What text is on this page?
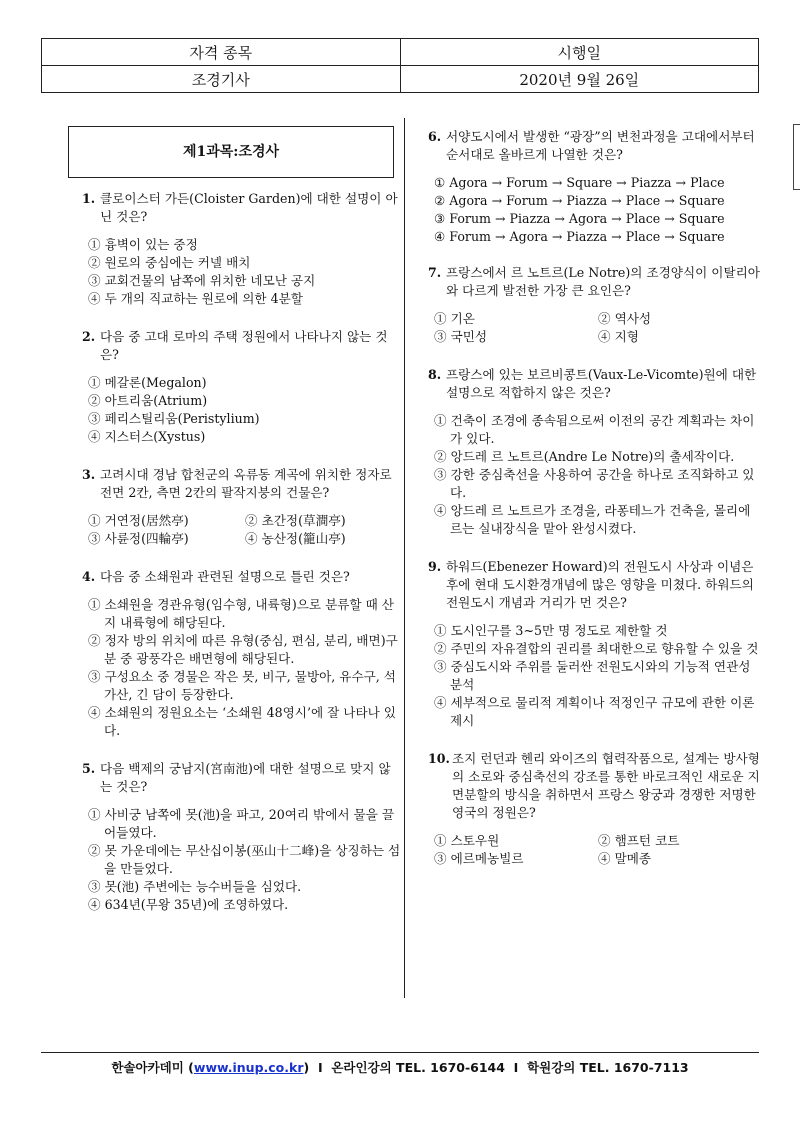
자격 종목	시행일
조경기사	2020년 9월 26일
제1과목:조경사
1. 클로이스터 가든(Cloister Garden)에 대한 설명이 아닌 것은?
① 흉벽이 있는 중정
② 원로의 중심에는 커넬 배치
③ 교회건물의 남쪽에 위치한 네모난 공지
④ 두 개의 직교하는 원로에 의한 4분할
2. 다음 중 고대 로마의 주택 정원에서 나타나지 않는 것은?
① 메갈론(Megalon)
② 아트리움(Atrium)
③ 페리스틸리움(Peristylium)
④ 지스터스(Xystus)
3. 고려시대 경남 합천군의 옥류동 계곡에 위치한 정자로 전면 2칸, 측면 2칸의 팔작지붕의 건물은?
① 거연정(居然亭)	② 초간정(草澗亭)
③ 사륜정(四輪亭)	④ 농산정(籠山亭)
4. 다음 중 소쇄원과 관련된 설명으로 틀린 것은?
① 소쇄원을 경관유형(임수형, 내륙형)으로 분류할 때 산지 내륙형에 해당된다.
② 정자 방의 위치에 따른 유형(중심, 편심, 분리, 배면)구분 중 광풍각은 배면형에 해당된다.
③ 구성요소 중 경물은 작은 못, 비구, 물방아, 유수구, 석가산, 긴 담이 등장한다.
④ 소쇄원의 정원요소는 ‘소쇄원 48영시’에 잘 나타나 있다.
5. 다음 백제의 궁남지(宮南池)에 대한 설명으로 맞지 않는 것은?
① 사비궁 남쪽에 못(池)을 파고, 20여리 밖에서 물을 끌어들였다.
② 못 가운데에는 무산십이봉(巫山十二峰)을 상징하는 섬을 만들었다.
③ 못(池) 주변에는 능수버들을 심었다.
④ 634년(무왕 35년)에 조영하였다.
6. 서양도시에서 발생한 “광장”의 변천과정을 고대에서부터 순서대로 올바르게 나열한 것은?
① Agora → Forum → Square → Piazza → Place
② Agora → Forum → Piazza → Place → Square
③ Forum → Piazza → Agora → Place → Square
④ Forum → Agora → Piazza → Place → Square
7. 프랑스에서 르 노트르(Le Notre)의 조경양식이 이탈리아와 다르게 발전한 가장 큰 요인은?
① 기온	② 역사성
③ 국민성	④ 지형
8. 프랑스에 있는 보르비콩트(Vaux-Le-Vicomte)원에 대한 설명으로 적합하지 않은 것은?
① 건축이 조경에 종속됨으로써 이전의 공간 계획과는 차이가 있다.
② 앙드레 르 노트르(Andre Le Notre)의 출세작이다.
③ 강한 중심축선을 사용하여 공간을 하나로 조직화하고 있다.
④ 앙드레 르 노트르가 조경을, 라퐁테느가 건축을, 몰리에르는 실내장식을 맡아 완성시켰다.
9. 하워드(Ebenezer Howard)의 전원도시 사상과 이념은 후에 현대 도시환경개념에 많은 영향을 미쳤다. 하워드의 전원도시 개념과 거리가 먼 것은?
① 도시인구를 3~5만 명 정도로 제한할 것
② 주민의 자유결합의 권리를 최대한으로 향유할 수 있을 것
③ 중심도시와 주위를 둘러싼 전원도시와의 기능적 연관성 분석
④ 세부적으로 물리적 계획이나 적정인구 규모에 관한 이론 제시
10. 조지 런던과 헨리 와이즈의 협력작품으로, 설계는 방사형의 소로와 중심축선의 강조를 통한 바로크적인 새로운 지면분할의 방식을 취하면서 프랑스 왕궁과 경쟁한 저명한 영국의 정원은?
① 스토우원	② 햄프턴 코트
③ 에르메농빌르	④ 말메종
한솔아카데미 (www.inup.co.kr)  I 온라인강의 TEL. 1670-6144 I 학원강의 TEL. 1670-7113
